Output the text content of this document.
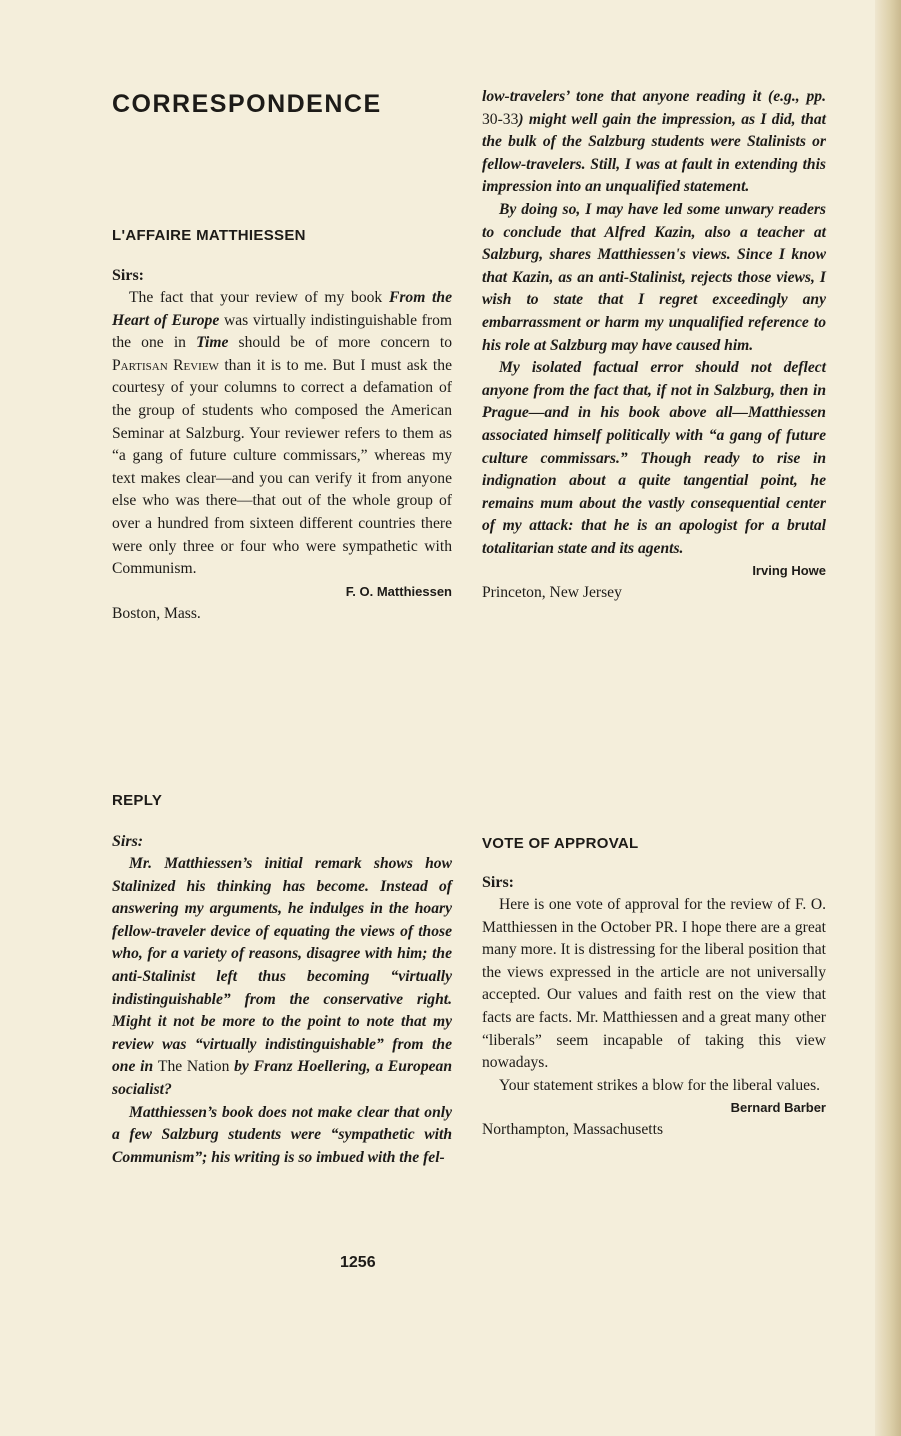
CORRESPONDENCE
L'AFFAIRE MATTHIESSEN

Sirs:

The fact that your review of my book From the Heart of Europe was virtually indistinguishable from the one in Time should be of more concern to Partisan Review than it is to me. But I must ask the courtesy of your columns to correct a defamation of the group of students who composed the American Seminar at Salzburg. Your reviewer refers to them as “a gang of future culture commissars,” whereas my text makes clear—and you can verify it from anyone else who was there—that out of the whole group of over a hundred from sixteen different countries there were only three or four who were sympathetic with Communism.

F. O. Matthiessen

Boston, Mass.

REPLY

Sirs:

Mr. Matthiessen’s initial remark shows how Stalinized his thinking has become. Instead of answering my arguments, he indulges in the hoary fellow-traveler device of equating the views of those who, for a variety of reasons, disagree with him; the anti-Stalinist left thus becoming “virtually indistinguishable” from the conservative right. Might it not be more to the point to note that my review was “virtually indistinguishable” from the one in The Nation by Franz Hoellering, a European socialist?

Matthiessen’s book does not make clear that only a few Salzburg students were “sympathetic with Communism”; his writing is so imbued with the fel-

1256

low-travelers’ tone that anyone reading it (e.g., pp. 30-33) might well gain the impression, as I did, that the bulk of the Salzburg students were Stalinists or fellow-travelers. Still, I was at fault in extending this impression into an unqualified statement.

By doing so, I may have led some unwary readers to conclude that Alfred Kazin, also a teacher at Salzburg, shares Matthiessen's views. Since I know that Kazin, as an anti-Stalinist, rejects those views, I wish to state that I regret exceedingly any embarrassment or harm my unqualified reference to his role at Salzburg may have caused him.

My isolated factual error should not deflect anyone from the fact that, if not in Salzburg, then in Prague—and in his book above all—Matthiessen associated himself politically with “a gang of future culture commissars.” Though ready to rise in indignation about a quite tangential point, he remains mum about the vastly consequential center of my attack: that he is an apologist for a brutal totalitarian state and its agents.

Irving Howe

Princeton, New Jersey

VOTE OF APPROVAL

Sirs:

Here is one vote of approval for the review of F. O. Matthiessen in the October PR. I hope there are a great many more. It is distressing for the liberal position that the views expressed in the article are not universally accepted. Our values and faith rest on the view that facts are facts. Mr. Matthiessen and a great many other “liberals” seem incapable of taking this view nowadays.

Your statement strikes a blow for the liberal values.

Bernard Barber

Northampton, Massachusetts
